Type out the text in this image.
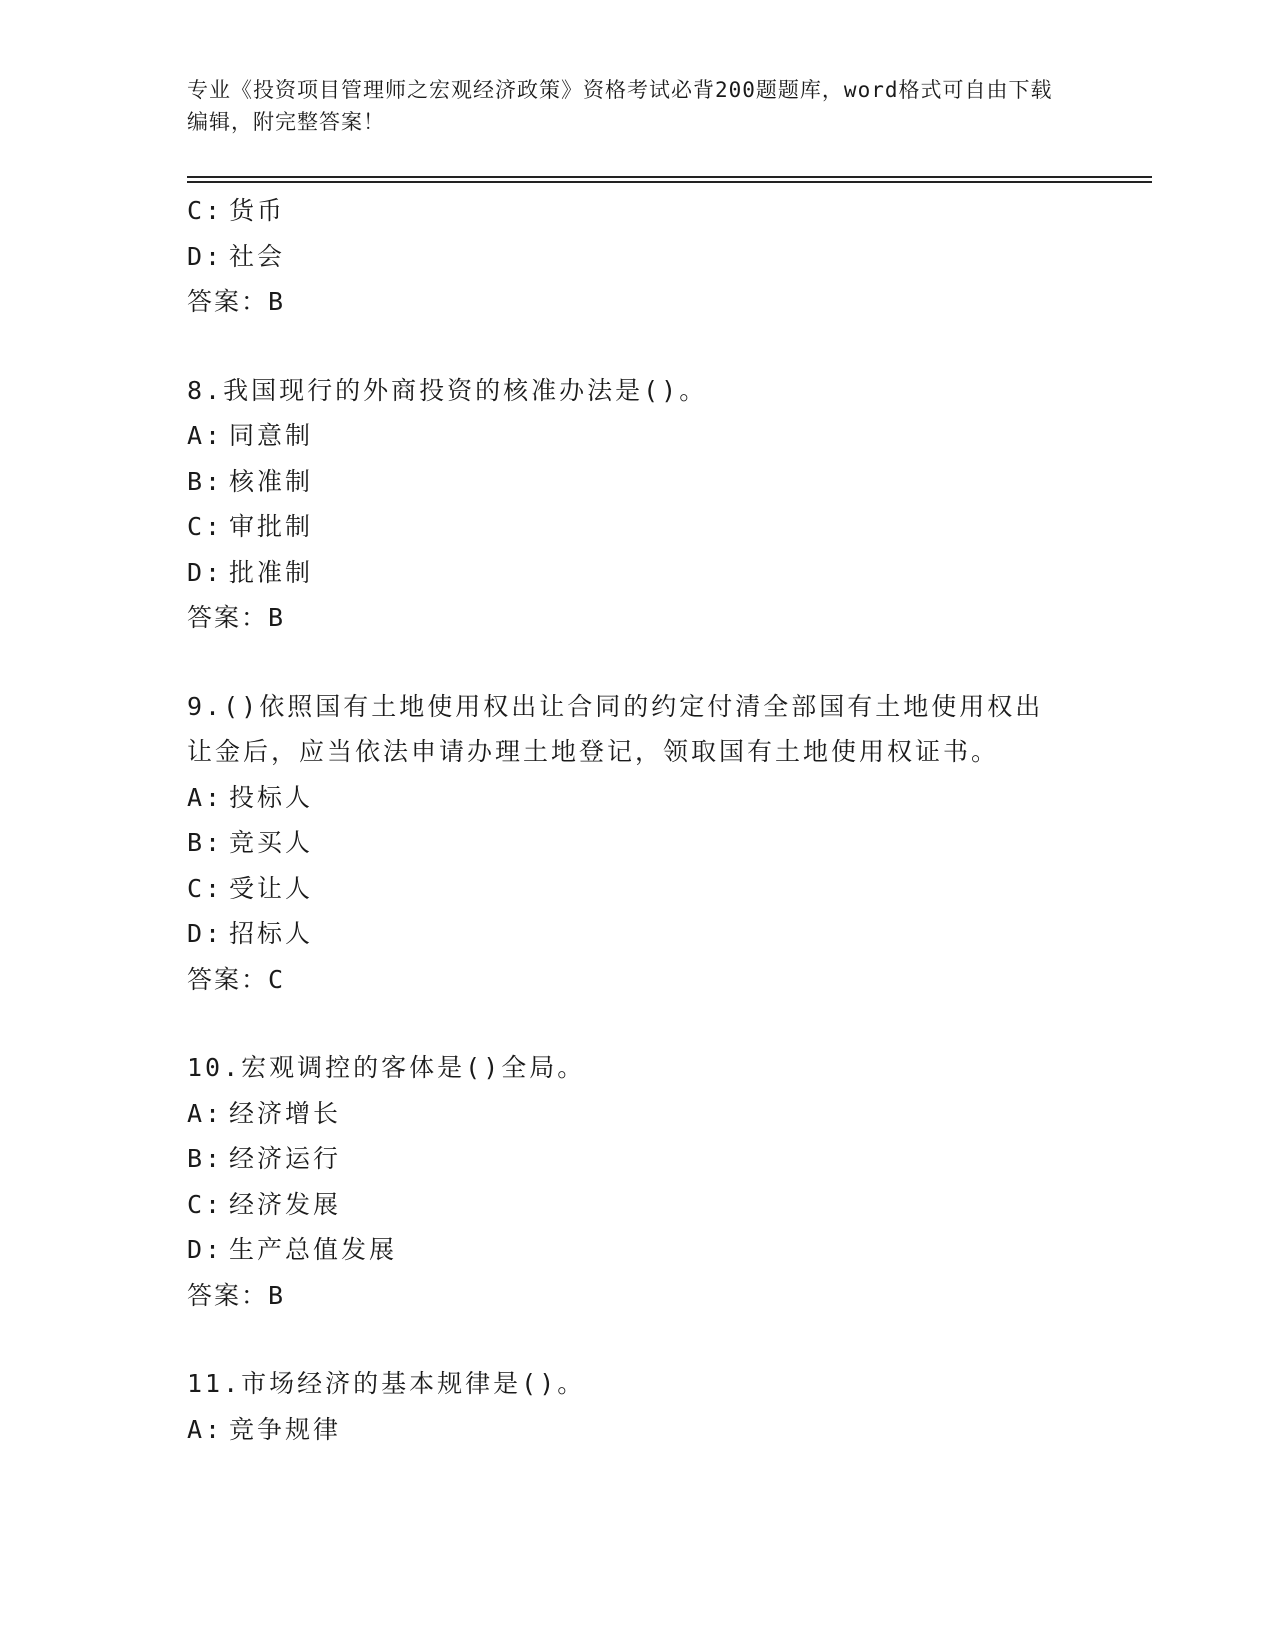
专业《投资项目管理师之宏观经济政策》资格考试必背200题题库，word格式可自由下载编辑，附完整答案！
C: 货币
D: 社会
答案：B
8.我国现行的外商投资的核准办法是()。
A: 同意制
B: 核准制
C: 审批制
D: 批准制
答案：B
9.()依照国有土地使用权出让合同的约定付清全部国有土地使用权出让金后，应当依法申请办理土地登记，领取国有土地使用权证书。
A: 投标人
B: 竞买人
C: 受让人
D: 招标人
答案：C
10.宏观调控的客体是()全局。
A: 经济增长
B: 经济运行
C: 经济发展
D: 生产总值发展
答案：B
11.市场经济的基本规律是()。
A: 竞争规律
